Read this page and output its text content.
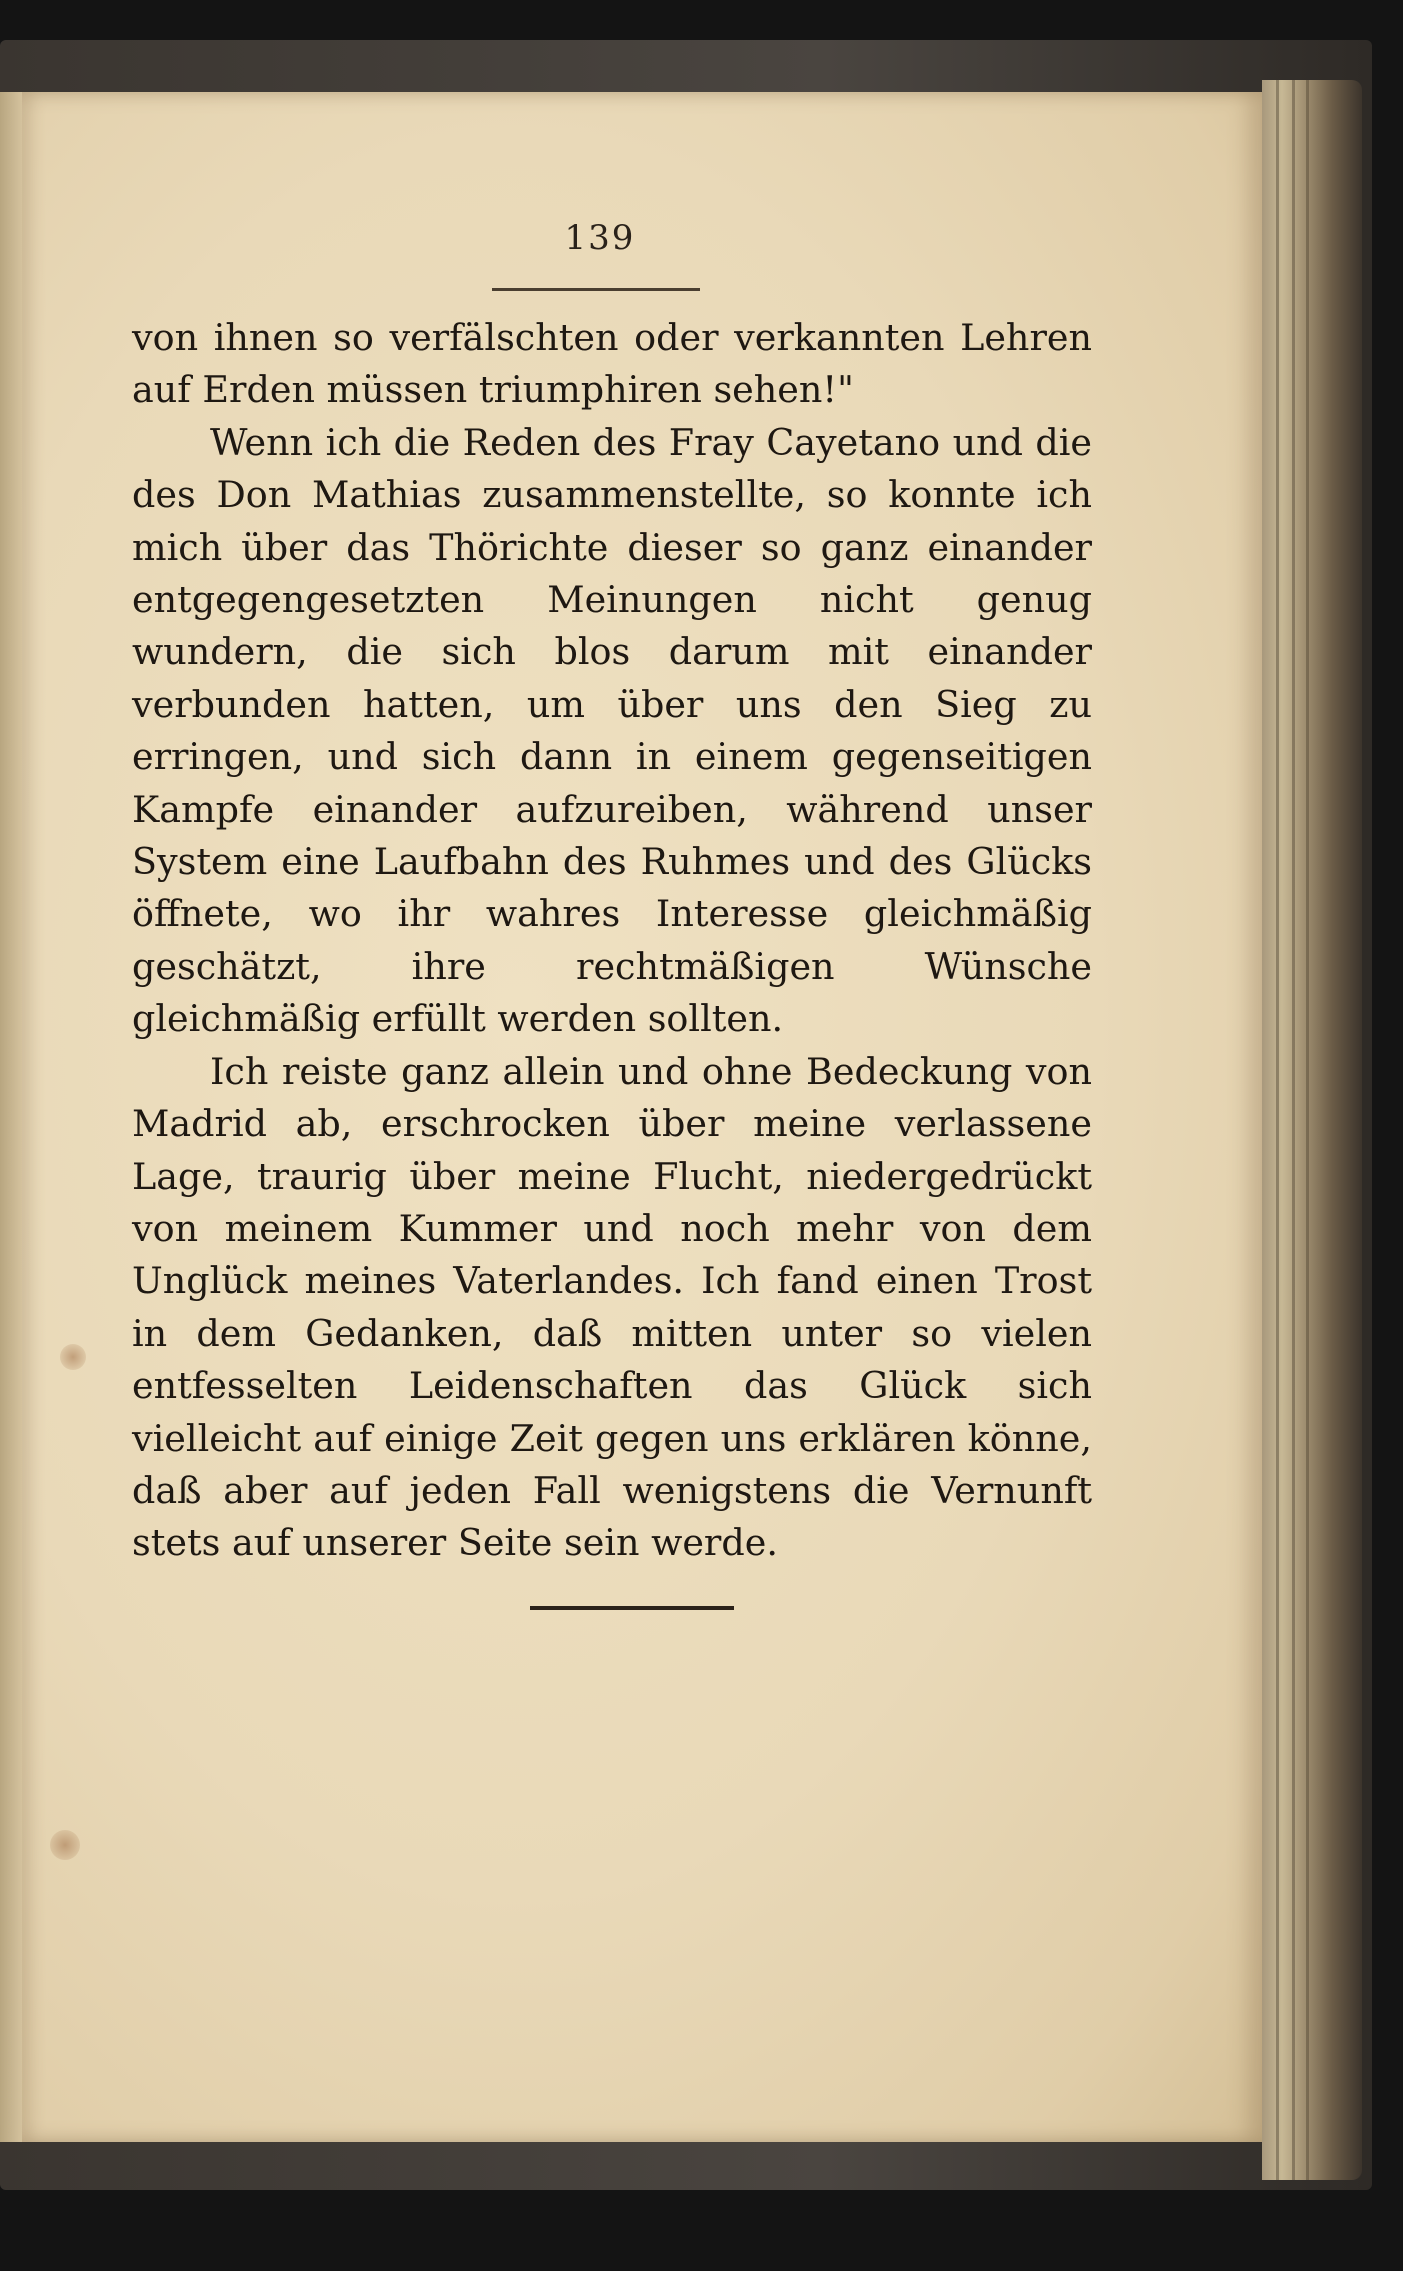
139

von ihnen so verfälschten oder verkannten Lehren auf Erden müssen triumphiren sehen!"

Wenn ich die Reden des Fray Cayetano und die des Don Mathias zusammenstellte, so konnte ich mich über das Thörichte dieser so ganz einander entgegengesetzten Meinungen nicht genug wundern, die sich blos darum mit einander verbunden hatten, um über uns den Sieg zu erringen, und sich dann in einem gegenseitigen Kampfe einander aufzureiben, während unser System eine Laufbahn des Ruhmes und des Glücks öffnete, wo ihr wahres Interesse gleichmäßig geschätzt, ihre rechtmäßigen Wünsche gleichmäßig erfüllt werden sollten.

Ich reiste ganz allein und ohne Bedeckung von Madrid ab, erschrocken über meine verlassene Lage, traurig über meine Flucht, niedergedrückt von meinem Kummer und noch mehr von dem Unglück meines Vaterlandes. Ich fand einen Trost in dem Gedanken, daß mitten unter so vielen entfesselten Leidenschaften das Glück sich vielleicht auf einige Zeit gegen uns erklären könne, daß aber auf jeden Fall wenigstens die Vernunft stets auf unserer Seite sein werde.
